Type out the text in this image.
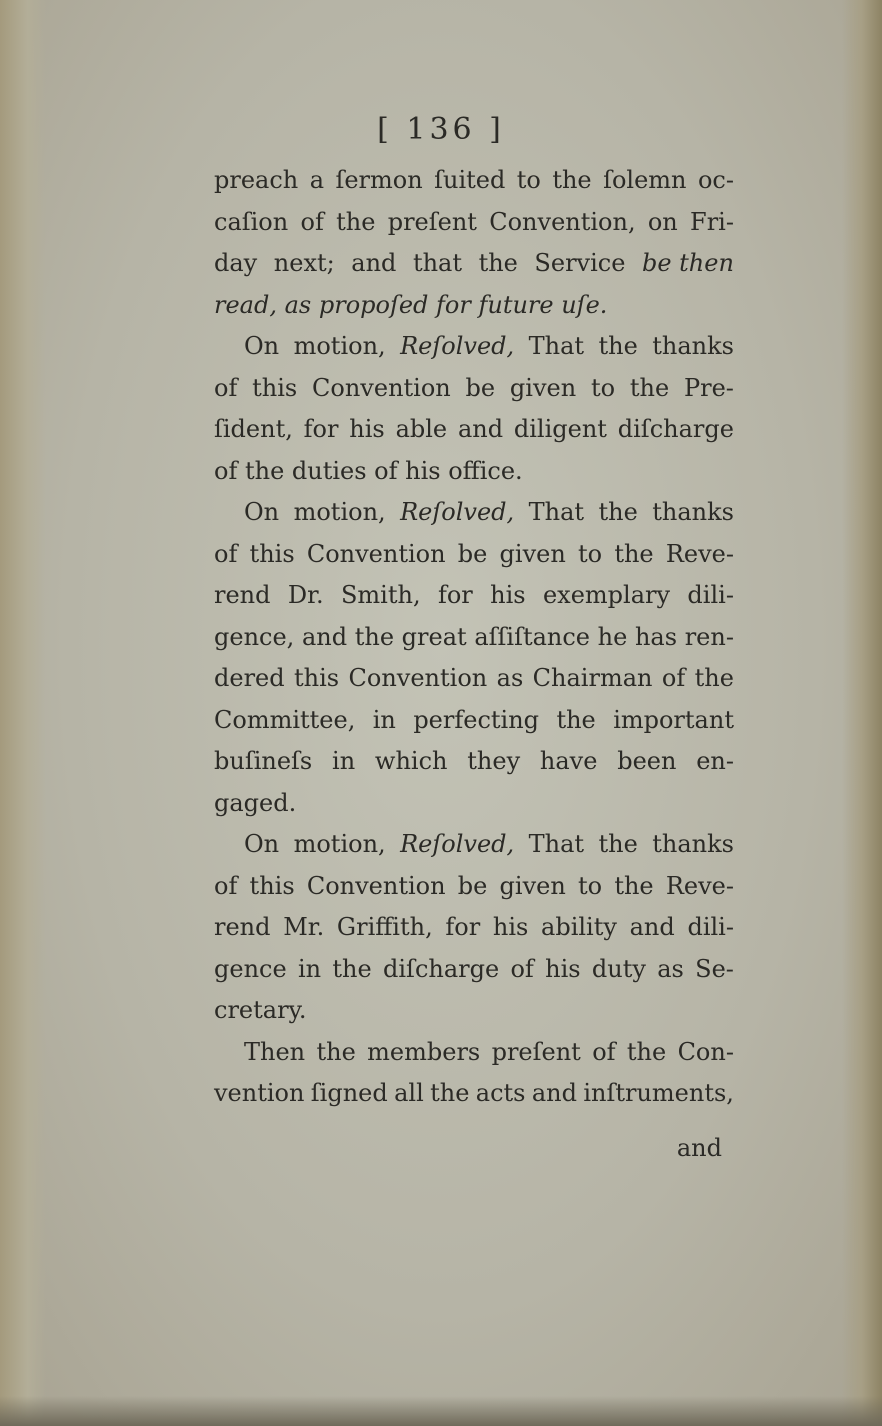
[ 136 ]
preach a ſermon ſuited to the ſolemn oc-
caſion of the preſent Convention, on Fri-
day next; and that the Service be then
read, as propoſed for future uſe.
On motion, Reſolved, That the thanks
of this Convention be given to the Pre-
ſident, for his able and diligent diſcharge
of the duties of his office.
On motion, Reſolved, That the thanks
of this Convention be given to the Reve-
rend Dr. Smith, for his exemplary dili-
gence, and the great aſſiſtance he has ren-
dered this Convention as Chairman of the
Committee, in perfecting the important
buſineſs in which they have been en-
gaged.
On motion, Reſolved, That the thanks
of this Convention be given to the Reve-
rend Mr. Griffith, for his ability and dili-
gence in the diſcharge of his duty as Se-
cretary.
Then the members preſent of the Con-
vention ſigned all the acts and inſtruments,
and
